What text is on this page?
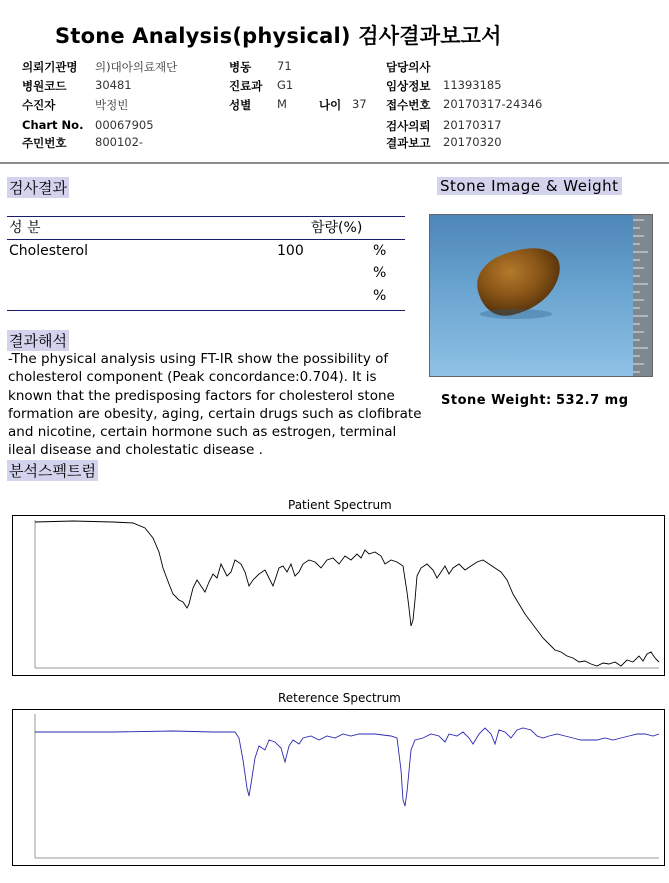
Stone Analysis(physical) 검사결과보고서
의뢰기관명 의)대아의료재단
병원코드 30481
수진자	박정빈
Chart No. 00067905
주민번호 800102-
병동 71
진료과 G1
성별 M	나이 37
담당의사
임상정보 11393185
접수번호 20170317-24346
검사의뢰 20170317
결과보고 20170320
검사결과
성 분	함량(%)
Cholesterol	100	%
%
%
Stone Image & Weight
Stone Weight: 532.7 mg
결과해석
-The physical analysis using FT-IR show the possibility of cholesterol component (Peak concordance:0.704). It is known that the predisposing factors for cholesterol stone formation are obesity, aging, certain drugs such as clofibrate and nicotine, certain hormone such as estrogen, terminal ileal disease and cholestatic disease .
분석스펙트럼
Patient Spectrum
Reterence Spectrum
